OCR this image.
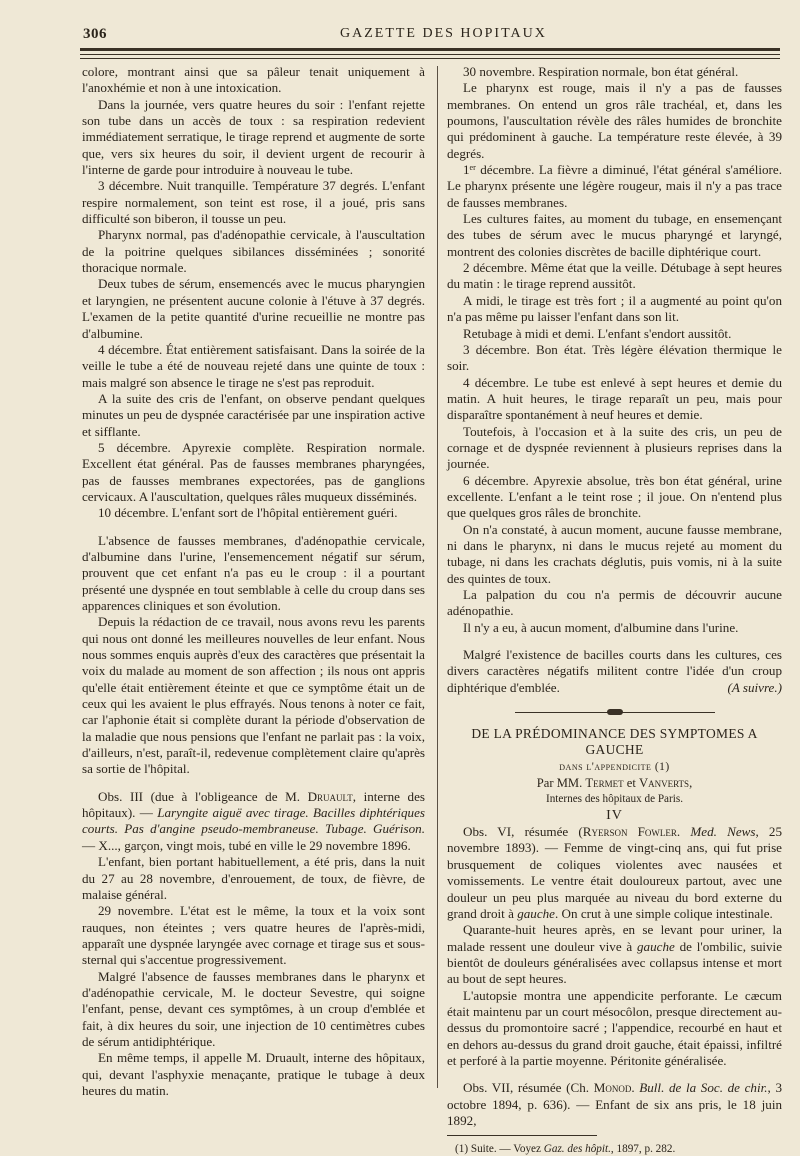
306	GAZETTE DES HOPITAUX

colore, montrant ainsi que sa pâleur tenait uniquement à l'anoxhémie et non à une intoxication.

Dans la journée, vers quatre heures du soir : l'enfant rejette son tube dans un accès de toux : sa respiration redevient immédiatement serratique, le tirage reprend et augmente de sorte que, vers six heures du soir, il devient urgent de recourir à l'interne de garde pour introduire à nouveau le tube.

3 décembre. Nuit tranquille. Température 37 degrés. L'enfant respire normalement, son teint est rose, il a joué, pris sans difficulté son biberon, il tousse un peu.

Pharynx normal, pas d'adénopathie cervicale, à l'auscultation de la poitrine quelques sibilances disséminées ; sonorité thoracique normale.

Deux tubes de sérum, ensemencés avec le mucus pharyngien et laryngien, ne présentent aucune colonie à l'étuve à 37 degrés. L'examen de la petite quantité d'urine recueillie ne montre pas d'albumine.

4 décembre. État entièrement satisfaisant. Dans la soirée de la veille le tube a été de nouveau rejeté dans une quinte de toux : mais malgré son absence le tirage ne s'est pas reproduit.

A la suite des cris de l'enfant, on observe pendant quelques minutes un peu de dyspnée caractérisée par une inspiration active et sifflante.

5 décembre. Apyrexie complète. Respiration normale. Excellent état général. Pas de fausses membranes pharyngées, pas de fausses membranes expectorées, pas de ganglions cervicaux. A l'auscultation, quelques râles muqueux disséminés.

10 décembre. L'enfant sort de l'hôpital entièrement guéri.

L'absence de fausses membranes, d'adénopathie cervicale, d'albumine dans l'urine, l'ensemencement négatif sur sérum, prouvent que cet enfant n'a pas eu le croup : il a pourtant présenté une dyspnée en tout semblable à celle du croup dans ses apparences cliniques et son évolution.

Depuis la rédaction de ce travail, nous avons revu les parents qui nous ont donné les meilleures nouvelles de leur enfant. Nous nous sommes enquis auprès d'eux des caractères que présentait la voix du malade au moment de son affection ; ils nous ont appris qu'elle était entièrement éteinte et que ce symptôme était un de ceux qui les avaient le plus effrayés. Nous tenons à noter ce fait, car l'aphonie était si complète durant la période d'observation de la maladie que nous pensions que l'enfant ne parlait pas : la voix, d'ailleurs, n'est, paraît-il, redevenue complètement claire qu'après sa sortie de l'hôpital.

Obs. III (due à l'obligeance de M. Druault, interne des hôpitaux). — Laryngite aiguë avec tirage. Bacilles diphtériques courts. Pas d'angine pseudo-membraneuse. Tubage. Guérison. — X..., garçon, vingt mois, tubé en ville le 29 novembre 1896.

L'enfant, bien portant habituellement, a été pris, dans la nuit du 27 au 28 novembre, d'enrouement, de toux, de fièvre, de malaise général.

29 novembre. L'état est le même, la toux et la voix sont rauques, non éteintes ; vers quatre heures de l'après-midi, apparaît une dyspnée laryngée avec cornage et tirage sus et sous-sternal qui s'accentue progressivement.

Malgré l'absence de fausses membranes dans le pharynx et d'adénopathie cervicale, M. le docteur Sevestre, qui soigne l'enfant, pense, devant ces symptômes, à un croup d'emblée et fait, à dix heures du soir, une injection de 10 centimètres cubes de sérum antidiphtérique.

En même temps, il appelle M. Druault, interne des hôpitaux, qui, devant l'asphyxie menaçante, pratique le tubage à deux heures du matin.

30 novembre. Respiration normale, bon état général.

Le pharynx est rouge, mais il n'y a pas de fausses membranes. On entend un gros râle trachéal, et, dans les poumons, l'auscultation révèle des râles humides de bronchite qui prédominent à gauche. La température reste élevée, à 39 degrés.

1er décembre. La fièvre a diminué, l'état général s'améliore. Le pharynx présente une légère rougeur, mais il n'y a pas trace de fausses membranes.

Les cultures faites, au moment du tubage, en ensemençant des tubes de sérum avec le mucus pharyngé et laryngé, montrent des colonies discrètes de bacille diphtérique court.

2 décembre. Même état que la veille. Détubage à sept heures du matin : le tirage reprend aussitôt.

A midi, le tirage est très fort ; il a augmenté au point qu'on n'a pas même pu laisser l'enfant dans son lit.

Retubage à midi et demi. L'enfant s'endort aussitôt.

3 décembre. Bon état. Très légère élévation thermique le soir.

4 décembre. Le tube est enlevé à sept heures et demie du matin. A huit heures, le tirage reparaît un peu, mais pour disparaître spontanément à neuf heures et demie.

Toutefois, à l'occasion et à la suite des cris, un peu de cornage et de dyspnée reviennent à plusieurs reprises dans la journée.

6 décembre. Apyrexie absolue, très bon état général, urine excellente. L'enfant a le teint rose ; il joue. On n'entend plus que quelques gros râles de bronchite.

On n'a constaté, à aucun moment, aucune fausse membrane, ni dans le pharynx, ni dans le mucus rejeté au moment du tubage, ni dans les crachats déglutis, puis vomis, ni à la suite des quintes de toux.

La palpation du cou n'a permis de découvrir aucune adénopathie.

Il n'y a eu, à aucun moment, d'albumine dans l'urine.

Malgré l'existence de bacilles courts dans les cultures, ces divers caractères négatifs militent contre l'idée d'un croup diphtérique d'emblée.	(A suivre.)

DE LA PRÉDOMINANCE DES SYMPTOMES A GAUCHE

dans l'appendicite (1)

Par MM. Termet et Vanverts,

Internes des hôpitaux de Paris.

IV

Obs. VI, résumée (Ryerson Fowler. Med. News, 25 novembre 1893). — Femme de vingt-cinq ans, qui fut prise brusquement de coliques violentes avec nausées et vomissements. Le ventre était douloureux partout, avec une douleur un peu plus marquée au niveau du bord externe du grand droit à gauche. On crut à une simple colique intestinale.

Quarante-huit heures après, en se levant pour uriner, la malade ressent une douleur vive à gauche de l'ombilic, suivie bientôt de douleurs généralisées avec collapsus intense et mort au bout de sept heures.

L'autopsie montra une appendicite perforante. Le cæcum était maintenu par un court mésocôlon, presque directement au-dessus du promontoire sacré ; l'appendice, recourbé en haut et en dehors au-dessus du grand droit gauche, était épaissi, infiltré et perforé à la partie moyenne. Péritonite généralisée.

Obs. VII, résumée (Ch. Monod. Bull. de la Soc. de chir., 3 octobre 1894, p. 636). — Enfant de six ans pris, le 18 juin 1892,

(1) Suite. — Voyez Gaz. des hôpit., 1897, p. 282.
